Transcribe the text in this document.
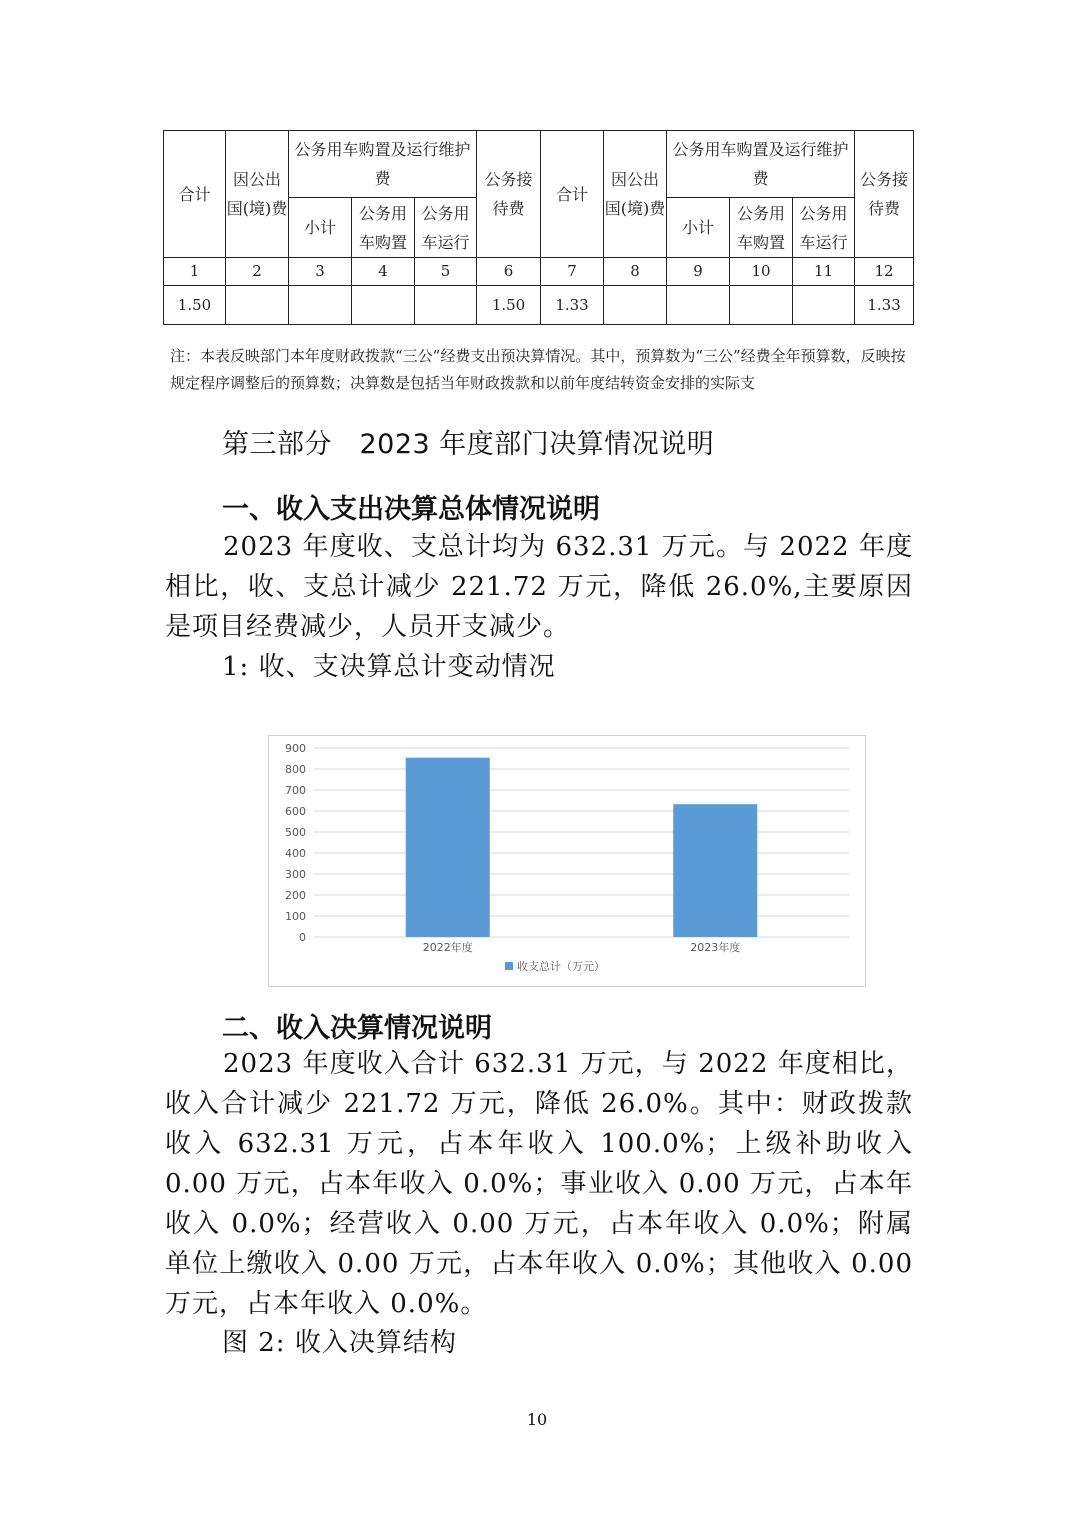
合计	因公出国(境)费	公务用车购置及运行维护费			公务接待费	合计	因公出国(境)费	公务用车购置及运行维护费			公务接待费
		小计	公务用车购置	公务用车运行				小计	公务用车购置	公务用车运行	
1	2	3	4	5	6	7	8	9	10	11	12
1.50					1.50	1.33					1.33

注：本表反映部门本年度财政拨款“三公”经费支出预决算情况。其中，预算数为“三公”经费全年预算数，反映按规定程序调整后的预算数；决算数是包括当年财政拨款和以前年度结转资金安排的实际支

第三部分　2023 年度部门决算情况说明
一、收入支出决算总体情况说明

2023 年度收、支总计均为 632.31 万元。与 2022 年度相比，收、支总计减少 221.72 万元，降低 26.0%,主要原因是项目经费减少，人员开支减少。

1: 收、支决算总计变动情况

0
100
200
300
400
500
600
700
800
900
2022年度	2023年度
收支总计（万元）
二、收入决算情况说明

2023 年度收入合计 632.31 万元，与 2022 年度相比，收入合计减少 221.72 万元，降低 26.0%。其中：财政拨款收入 632.31 万元，占本年收入 100.0%；上级补助收入 0.00 万元，占本年收入 0.0%；事业收入 0.00 万元，占本年收入 0.0%；经营收入 0.00 万元，占本年收入 0.0%；附属单位上缴收入 0.00 万元，占本年收入 0.0%；其他收入 0.00 万元，占本年收入 0.0%。

图 2: 收入决算结构

10
